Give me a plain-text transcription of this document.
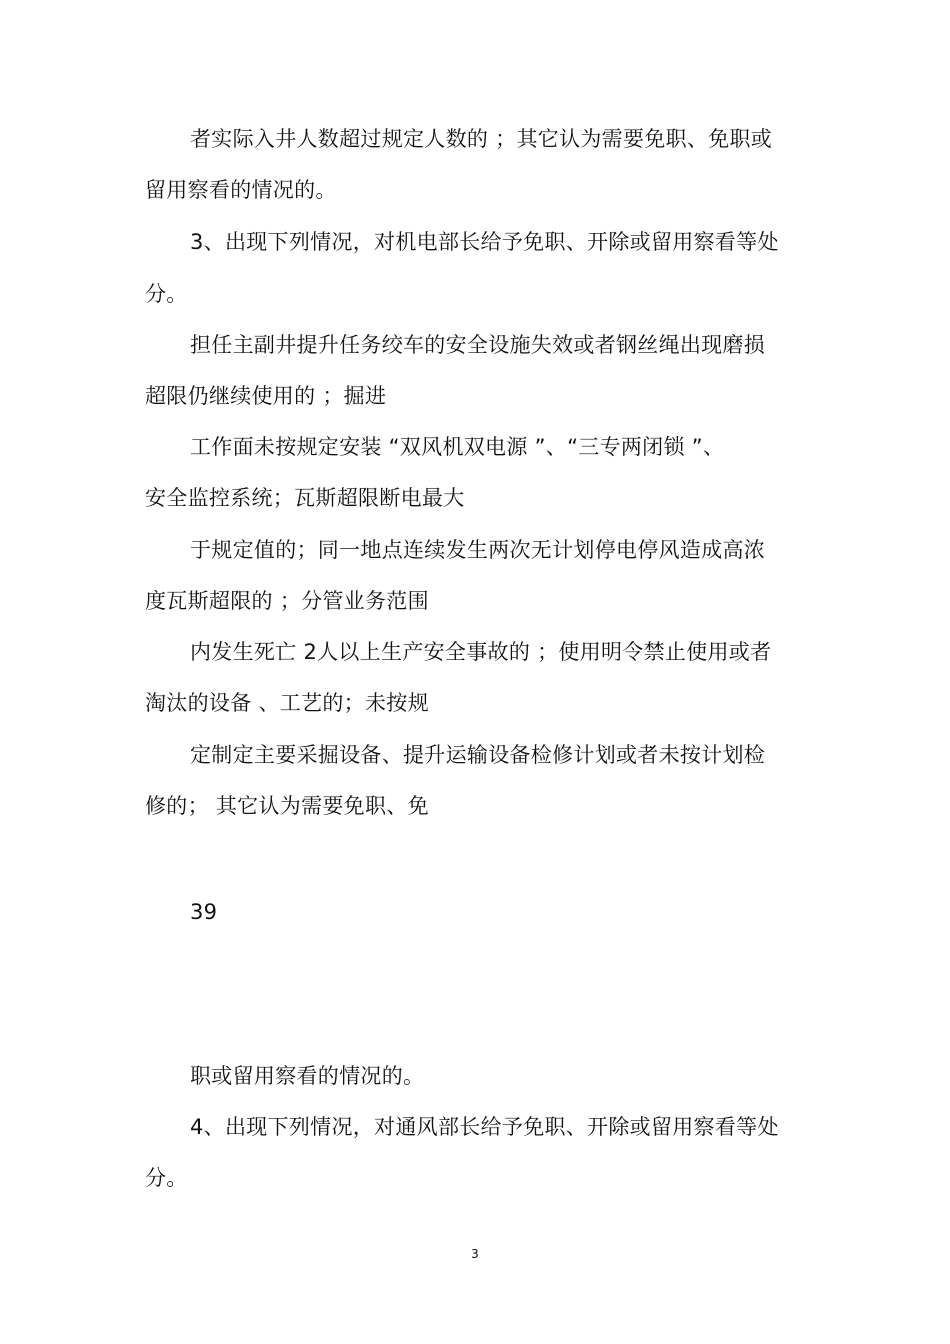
者实际入井人数超过规定人数的 ；其它认为需要免职、免职或
留用察看的情况的。
3、出现下列情况，对机电部长给予免职、开除或留用察看等处
分。
担任主副井提升任务绞车的安全设施失效或者钢丝绳出现磨损
超限仍继续使用的 ；掘进
工作面未按规定安装 “双风机双电源 ”、“三专两闭锁 ”、
安全监控系统；瓦斯超限断电最大
于规定值的；同一地点连续发生两次无计划停电停风造成高浓
度瓦斯超限的 ；分管业务范围
内发生死亡 2人以上生产安全事故的 ；使用明令禁止使用或者
淘汰的设备 、工艺的；未按规
定制定主要采掘设备、提升运输设备检修计划或者未按计划检
修的； 其它认为需要免职、免
39
职或留用察看的情况的。
4、出现下列情况，对通风部长给予免职、开除或留用察看等处
分。
3
